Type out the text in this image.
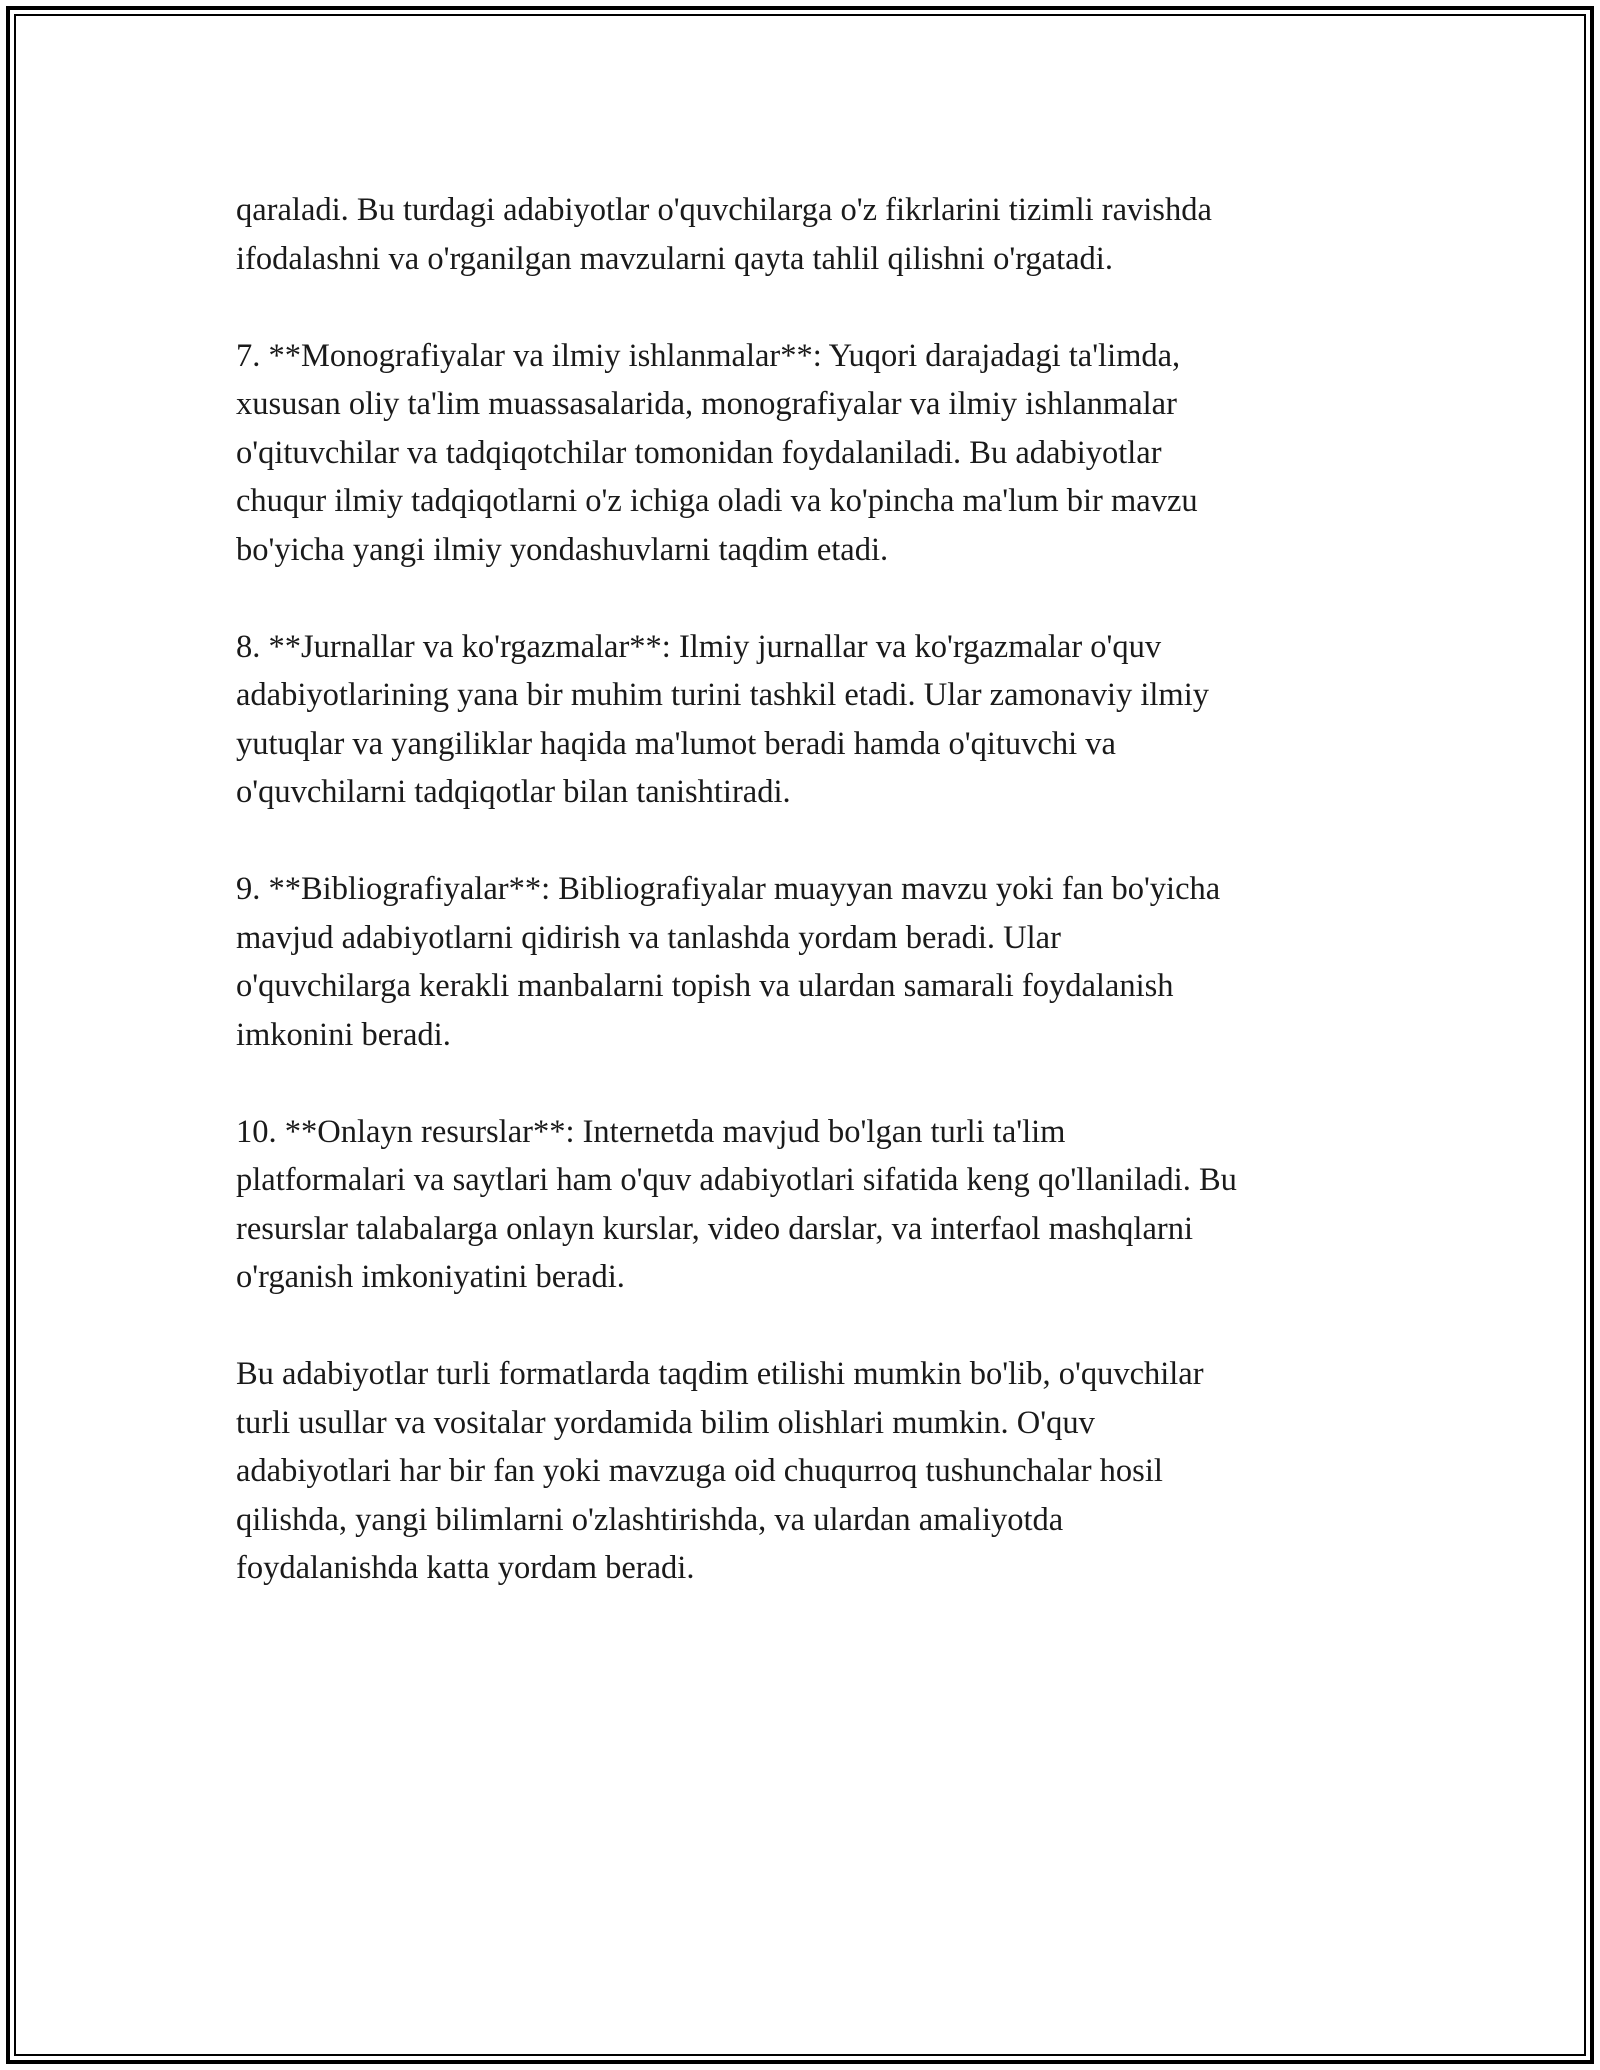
qaraladi. Bu turdagi adabiyotlar o'quvchilarga o'z fikrlarini tizimli ravishda
ifodalashni va o'rganilgan mavzularni qayta tahlil qilishni o'rgatadi.

7. **Monografiyalar va ilmiy ishlanmalar**: Yuqori darajadagi ta'limda,
xususan oliy ta'lim muassasalarida, monografiyalar va ilmiy ishlanmalar
o'qituvchilar va tadqiqotchilar tomonidan foydalaniladi. Bu adabiyotlar
chuqur ilmiy tadqiqotlarni o'z ichiga oladi va ko'pincha ma'lum bir mavzu
bo'yicha yangi ilmiy yondashuvlarni taqdim etadi.

8. **Jurnallar va ko'rgazmalar**: Ilmiy jurnallar va ko'rgazmalar o'quv
adabiyotlarining yana bir muhim turini tashkil etadi. Ular zamonaviy ilmiy
yutuqlar va yangiliklar haqida ma'lumot beradi hamda o'qituvchi va
o'quvchilarni tadqiqotlar bilan tanishtiradi.

9. **Bibliografiyalar**: Bibliografiyalar muayyan mavzu yoki fan bo'yicha
mavjud adabiyotlarni qidirish va tanlashda yordam beradi. Ular
o'quvchilarga kerakli manbalarni topish va ulardan samarali foydalanish
imkonini beradi.

10. **Onlayn resurslar**: Internetda mavjud bo'lgan turli ta'lim
platformalari va saytlari ham o'quv adabiyotlari sifatida keng qo'llaniladi. Bu
resurslar talabalarga onlayn kurslar, video darslar, va interfaol mashqlarni
o'rganish imkoniyatini beradi.

Bu adabiyotlar turli formatlarda taqdim etilishi mumkin bo'lib, o'quvchilar
turli usullar va vositalar yordamida bilim olishlari mumkin. O'quv
adabiyotlari har bir fan yoki mavzuga oid chuqurroq tushunchalar hosil
qilishda, yangi bilimlarni o'zlashtirishda, va ulardan amaliyotda
foydalanishda katta yordam beradi.
